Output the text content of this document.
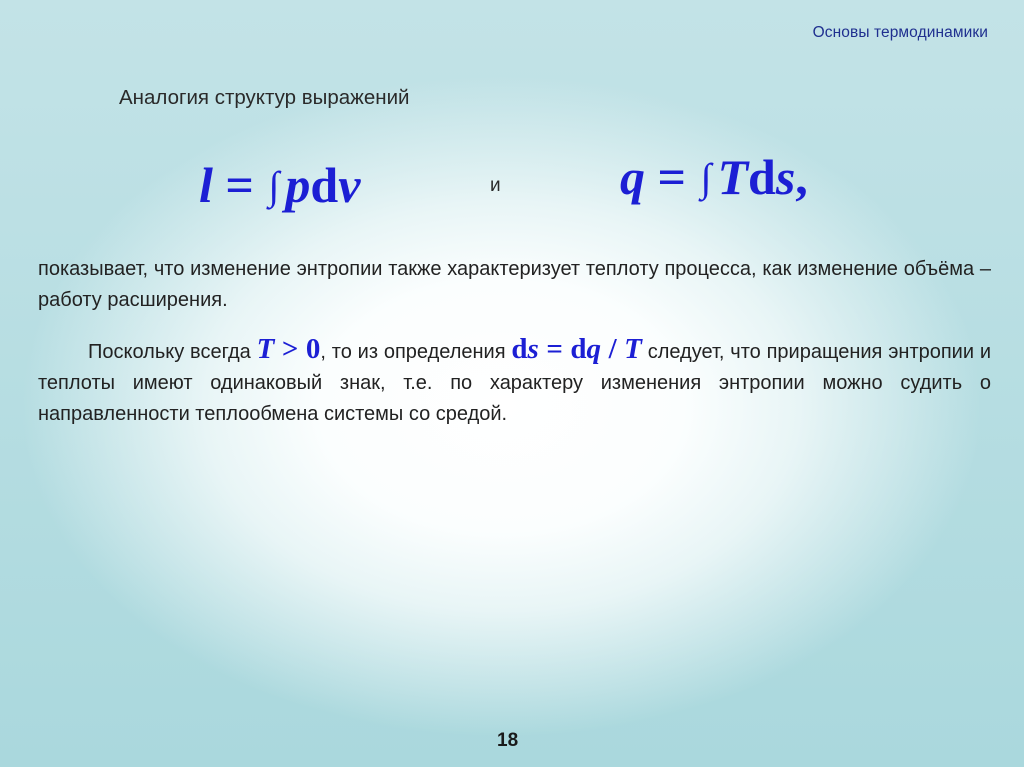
Основы термодинамики
Аналогия структур выражений
l = ∫ pdv	и q = ∫ Tds,
показывает, что изменение энтропии также характеризует теплоту процесса, как изменение объёма – работу расширения.
Поскольку всегда T > 0, то из определения ds = dq / T следует, что приращения энтропии и теплоты имеют одинаковый знак, т.е. по характеру изменения энтропии можно судить о направленности теплообмена системы со средой.
18
